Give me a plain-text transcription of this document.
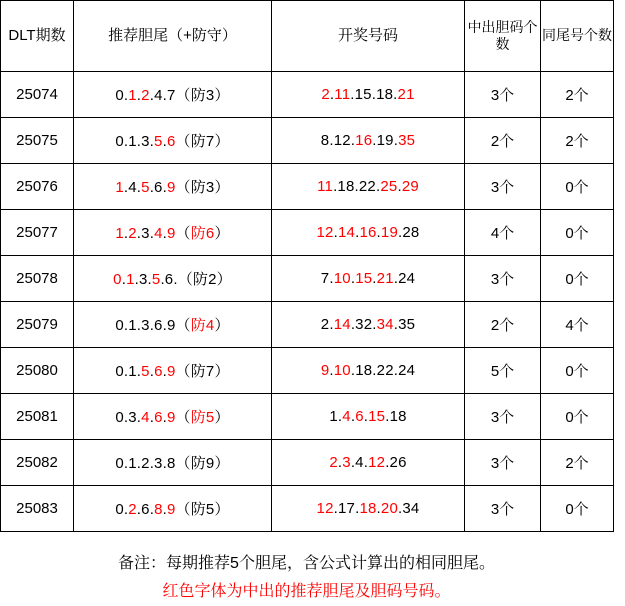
DLT期数	推荐胆尾（+防守）	开奖号码	中出胆码个数	同尾号个数
25074	0.1.2.4.7（防3）	2.11.15.18.21	3个	2个
25075	0.1.3.5.6（防7）	8.12.16.19.35	2个	2个
25076	1.4.5.6.9（防3）	11.18.22.25.29	3个	0个
25077	1.2.3.4.9（防6）	12.14.16.19.28	4个	0个
25078	0.1.3.5.6.（防2）	7.10.15.21.24	3个	0个
25079	0.1.3.6.9（防4）	2.14.32.34.35	2个	4个
25080	0.1.5.6.9（防7）	9.10.18.22.24	5个	0个
25081	0.3.4.6.9（防5）	1.4.6.15.18	3个	0个
25082	0.1.2.3.8（防9）	2.3.4.12.26	3个	2个
25083	0.2.6.8.9（防5）	12.17.18.20.34	3个	0个
备注：每期推荐5个胆尾，含公式计算出的相同胆尾。
红色字体为中出的推荐胆尾及胆码号码。
